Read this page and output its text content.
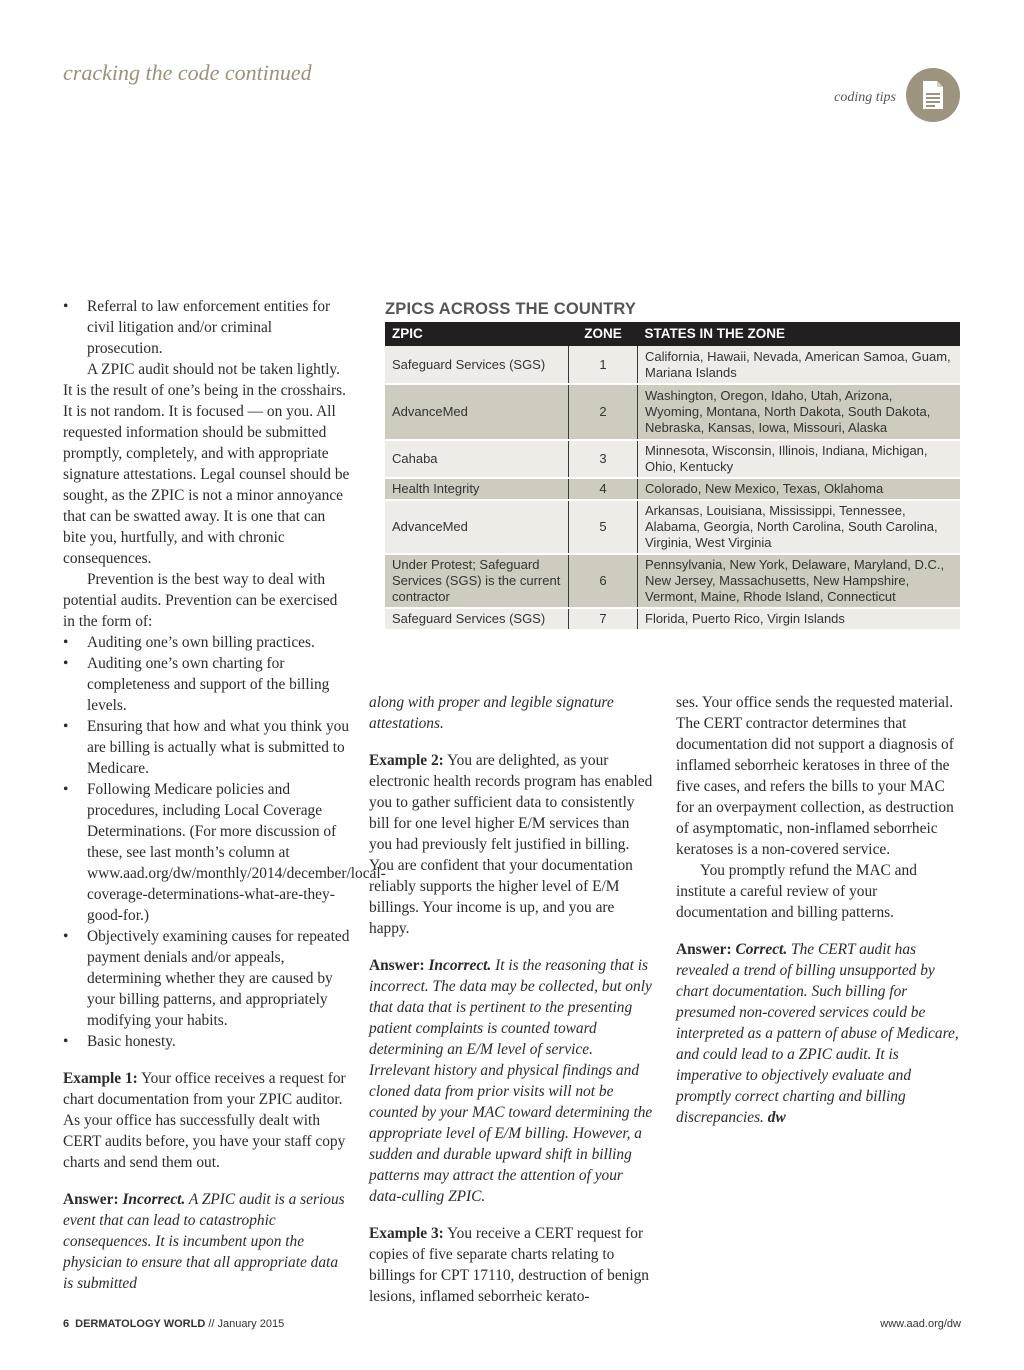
cracking the code continued
coding tips
• Referral to law enforcement entities for civil litigation and/or criminal prosecution.

A ZPIC audit should not be taken lightly. It is the result of one’s being in the crosshairs. It is not random. It is focused — on you. All requested information should be submitted promptly, completely, and with appropriate signature attestations. Legal counsel should be sought, as the ZPIC is not a minor annoyance that can be swatted away. It is one that can bite you, hurtfully, and with chronic consequences.

Prevention is the best way to deal with potential audits. Prevention can be exercised in the form of:

• Auditing one’s own billing practices.
• Auditing one’s own charting for completeness and support of the billing levels.
• Ensuring that how and what you think you are billing is actually what is submitted to Medicare.
• Following Medicare policies and procedures, including Local Coverage Determinations. (For more discussion of these, see last month’s column at www.aad.org/dw/monthly/2014/december/local-coverage-determinations-what-are-they-good-for.)
• Objectively examining causes for repeated payment denials and/or appeals, determining whether they are caused by your billing patterns, and appropriately modifying your habits.
• Basic honesty.

Example 1: Your office receives a request for chart documentation from your ZPIC auditor. As your office has successfully dealt with CERT audits before, you have your staff copy charts and send them out.

Answer: Incorrect. A ZPIC audit is a serious event that can lead to catastrophic consequences. It is incumbent upon the physician to ensure that all appropriate data is submitted

ZPICS ACROSS THE COUNTRY
ZPIC	ZONE	STATES IN THE ZONE
Safeguard Services (SGS)	1	California, Hawaii, Nevada, American Samoa, Guam, Mariana Islands
AdvanceMed	2	Washington, Oregon, Idaho, Utah, Arizona, Wyoming, Montana, North Dakota, South Dakota, Nebraska, Kansas, Iowa, Missouri, Alaska
Cahaba	3	Minnesota, Wisconsin, Illinois, Indiana, Michigan, Ohio, Kentucky
Health Integrity	4	Colorado, New Mexico, Texas, Oklahoma
AdvanceMed	5	Arkansas, Louisiana, Mississippi, Tennessee, Alabama, Georgia, North Carolina, South Carolina, Virginia, West Virginia
Under Protest; Safeguard Services (SGS) is the current contractor	6	Pennsylvania, New York, Delaware, Maryland, D.C., New Jersey, Massachusetts, New Hampshire, Vermont, Maine, Rhode Island, Connecticut
Safeguard Services (SGS)	7	Florida, Puerto Rico, Virgin Islands

along with proper and legible signature attestations.

Example 2: You are delighted, as your electronic health records program has enabled you to gather sufficient data to consistently bill for one level higher E/M services than you had previously felt justified in billing. You are confident that your documentation reliably supports the higher level of E/M billings. Your income is up, and you are happy.

Answer: Incorrect. It is the reasoning that is incorrect. The data may be collected, but only that data that is pertinent to the presenting patient complaints is counted toward determining an E/M level of service. Irrelevant history and physical findings and cloned data from prior visits will not be counted by your MAC toward determining the appropriate level of E/M billing. However, a sudden and durable upward shift in billing patterns may attract the attention of your data-culling ZPIC.

Example 3: You receive a CERT request for copies of five separate charts relating to billings for CPT 17110, destruction of benign lesions, inflamed seborrheic kerato-

ses. Your office sends the requested material. The CERT contractor determines that documentation did not support a diagnosis of inflamed seborrheic keratoses in three of the five cases, and refers the bills to your MAC for an overpayment collection, as destruction of asymptomatic, non-inflamed seborrheic keratoses is a non-covered service.

You promptly refund the MAC and institute a careful review of your documentation and billing patterns.

Answer: Correct. The CERT audit has revealed a trend of billing unsupported by chart documentation. Such billing for presumed non-covered services could be interpreted as a pattern of abuse of Medicare, and could lead to a ZPIC audit. It is imperative to objectively evaluate and promptly correct charting and billing discrepancies. dw

6 DERMATOLOGY WORLD // January 2015	www.aad.org/dw
